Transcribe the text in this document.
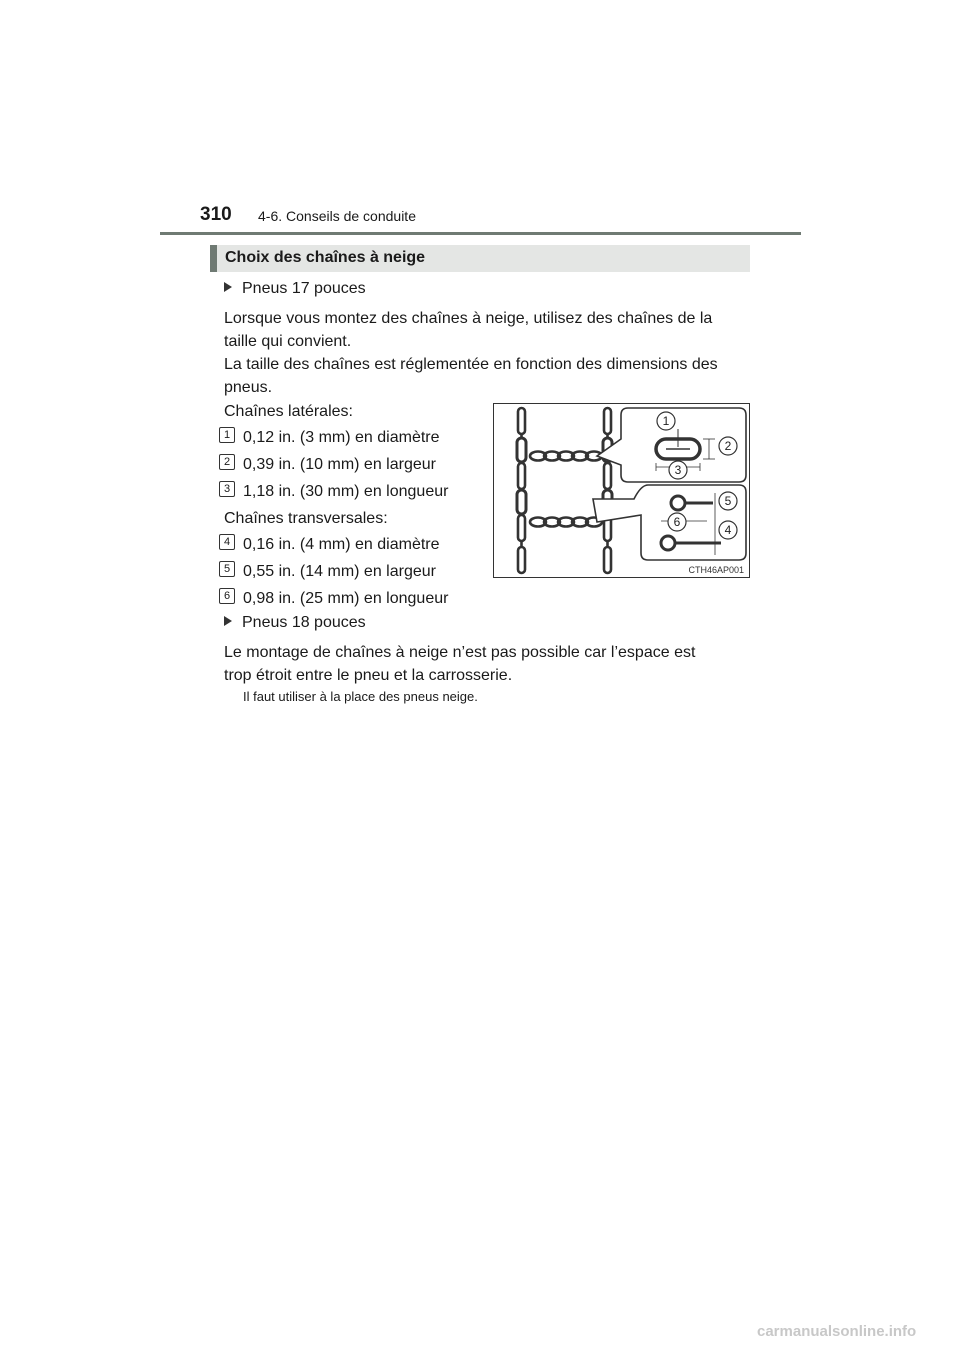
310 4-6. Conseils de conduite
Choix des chaînes à neige
Pneus 17 pouces
Lorsque vous montez des chaînes à neige, utilisez des chaînes de la
taille qui convient.
La taille des chaînes est réglementée en fonction des dimensions des
pneus.
Chaînes latérales:
1 0,12 in. (3 mm) en diamètre
2 0,39 in. (10 mm) en largeur
3 1,18 in. (30 mm) en longueur
Chaînes transversales:
4 0,16 in. (4 mm) en diamètre
5 0,55 in. (14 mm) en largeur
6 0,98 in. (25 mm) en longueur
Pneus 18 pouces
Le montage de chaînes à neige n’est pas possible car l’espace est
trop étroit entre le pneu et la carrosserie.
Il faut utiliser à la place des pneus neige.
1
2
3
4
5
6
CTH46AP001
carmanualsonline.info
